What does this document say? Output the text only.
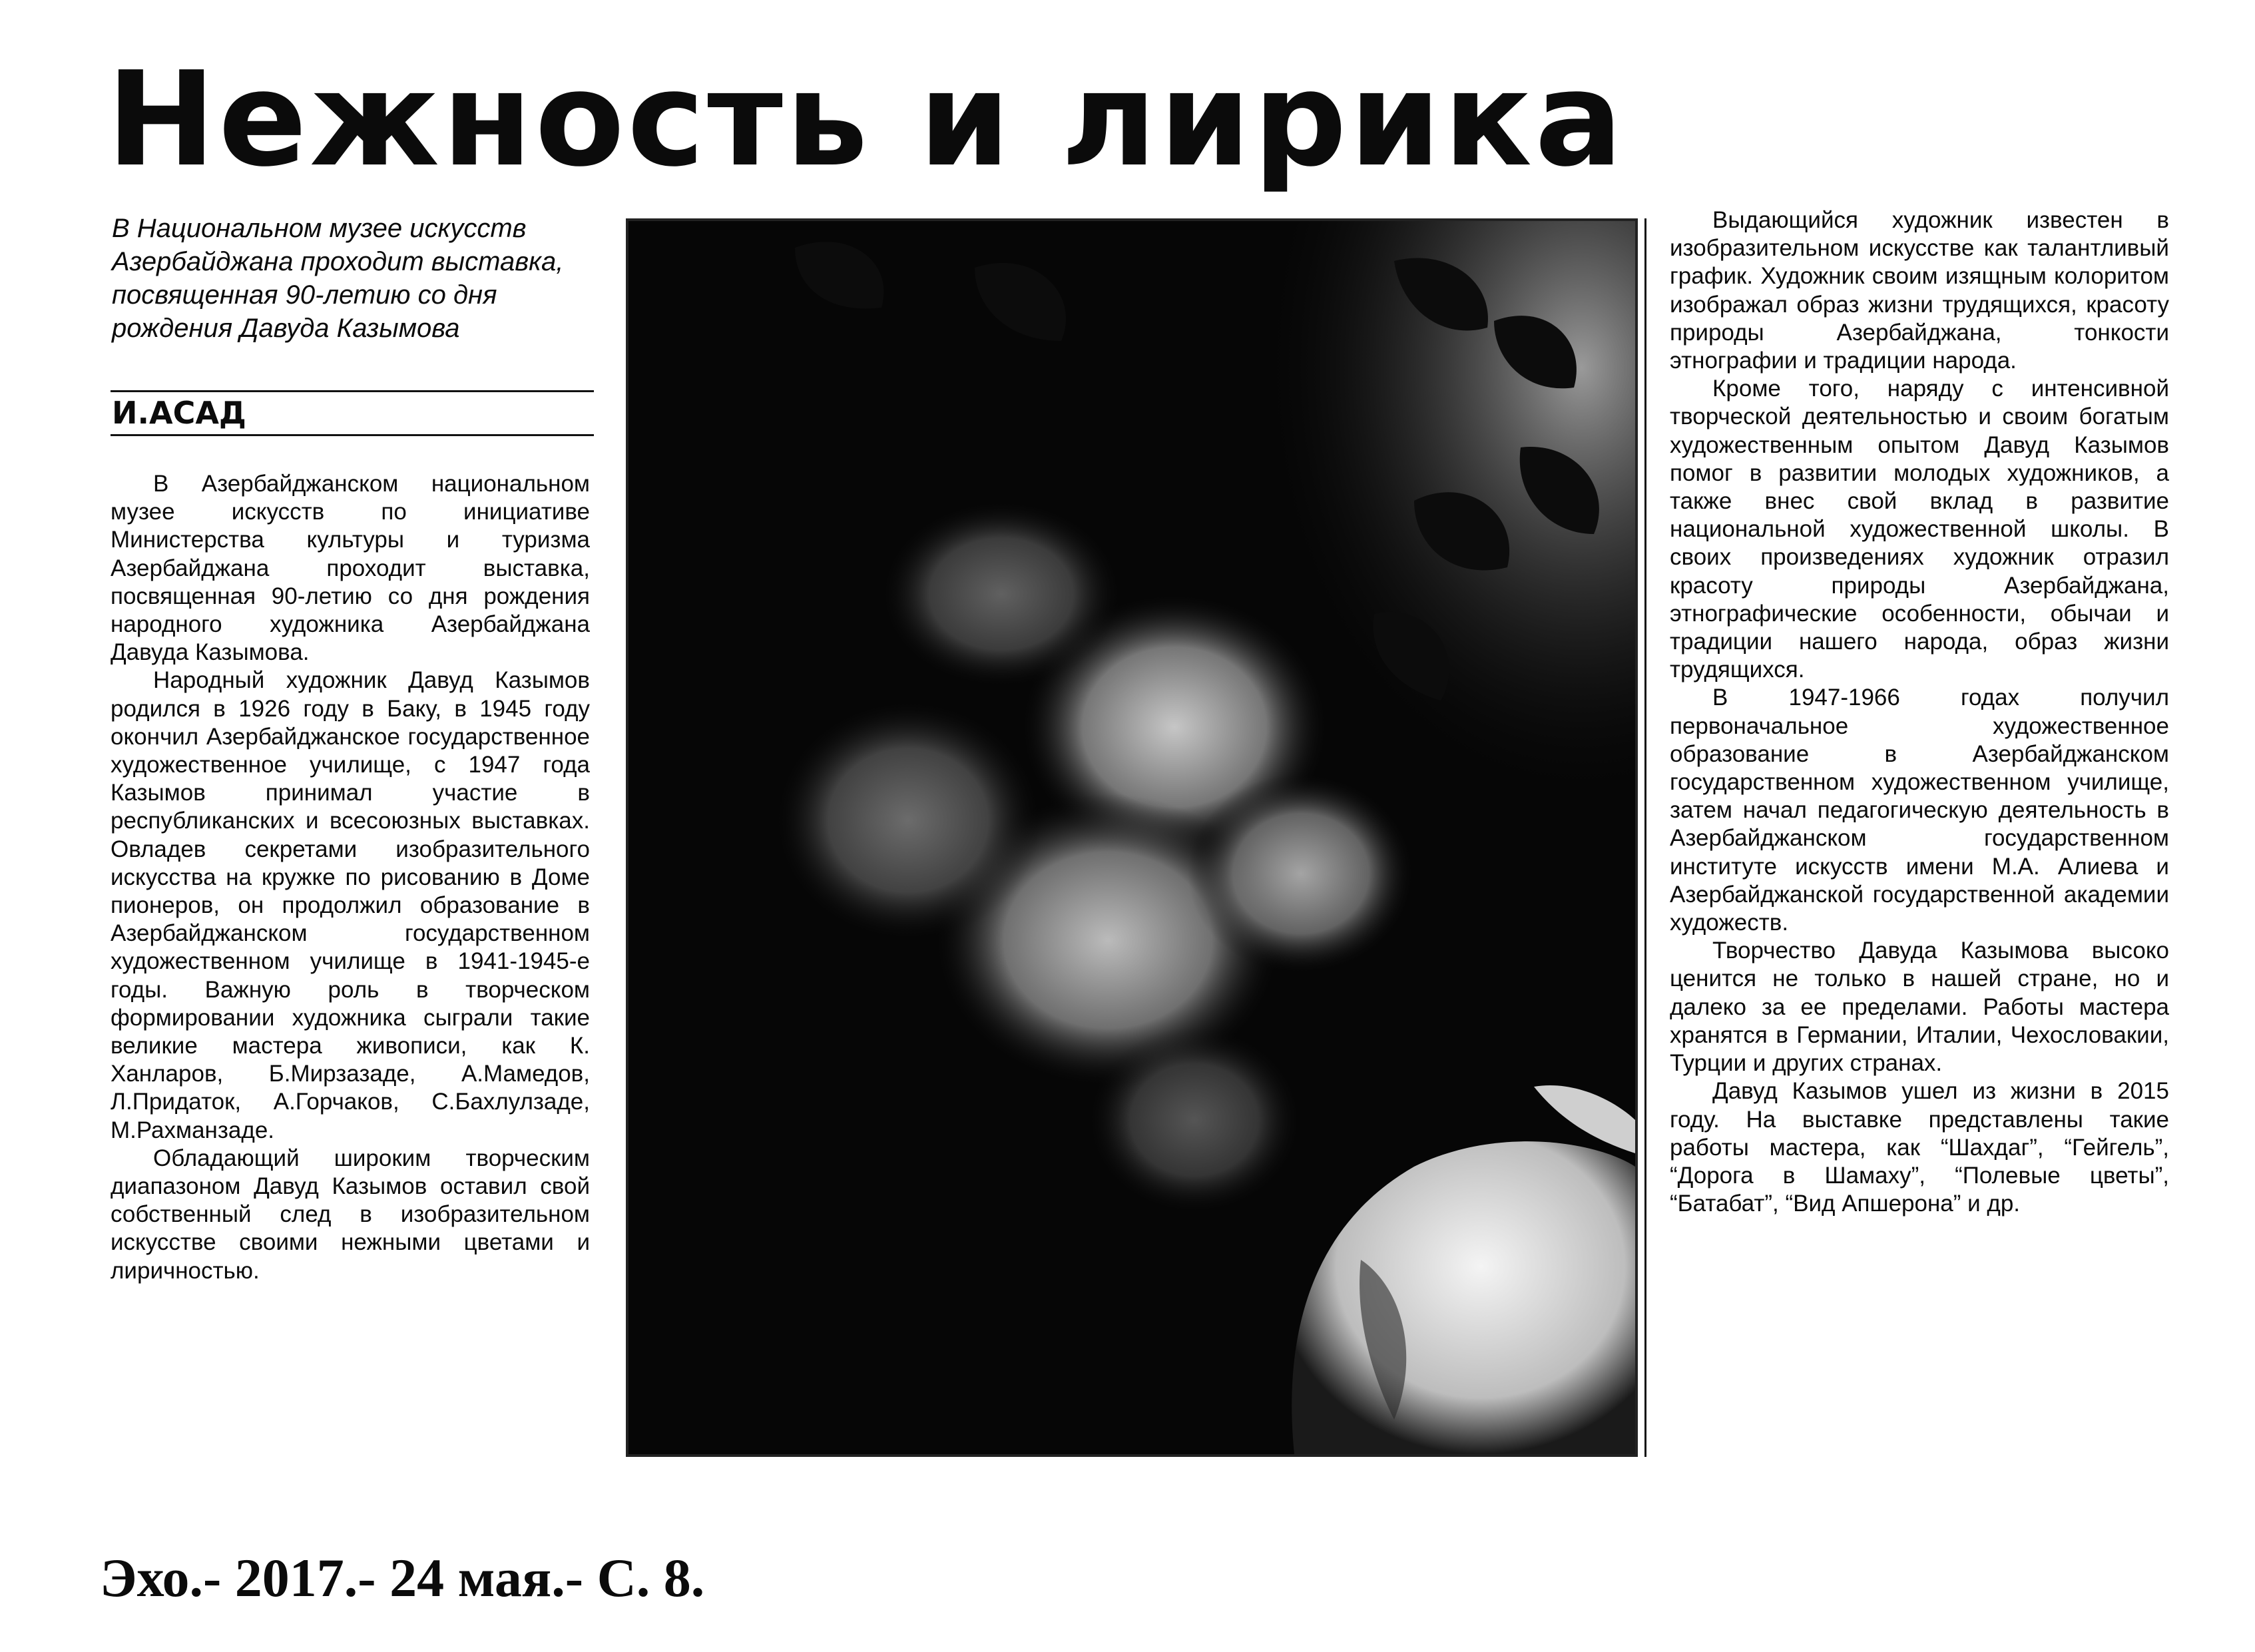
Нежность и лирика
В Национальном музее искусств Азербайджана проходит выставка, посвященная 90-летию со дня рождения Давуда Казымова
И.АСАД

В Азербайджанском национальном музее искусств по инициативе Министерства культуры и туризма Азербайджана проходит выставка, посвященная 90-летию со дня рождения народного художника Азербайджана Давуда Казымова.

Народный художник Давуд Казымов родился в 1926 году в Баку, в 1945 году окончил Азербайджанское государственное художественное училище, с 1947 года Казымов принимал участие в республиканских и всесоюзных выставках. Овладев секретами изобразительного искусства на кружке по рисованию в Доме пионеров, он продолжил образование в Азербайджанском государственном художественном училище в 1941-1945-е годы. Важную роль в творческом формировании художника сыграли такие великие мастера живописи, как К. Ханларов, Б.Мирзазаде, А.Мамедов, Л.Придаток, А.Горчаков, С.Бахлулзаде, М.Рахманзаде.

Обладающий широким творческим диапазоном Давуд Казымов оставил свой собственный след в изобразительном искусстве своими нежными цветами и лиричностью.

Выдающийся художник известен в изобразительном искусстве как талантливый график. Художник своим изящным колоритом изображал образ жизни трудящихся, красоту природы Азербайджана, тонкости этнографии и традиции народа.

Кроме того, наряду с интенсивной творческой деятельностью и своим богатым художественным опытом Давуд Казымов помог в развитии молодых художников, а также внес свой вклад в развитие национальной художественной школы. В своих произведениях художник отразил красоту природы Азербайджана, этнографические особенности, обычаи и традиции нашего народа, образ жизни трудящихся.

В 1947-1966 годах получил первоначальное художественное образование в Азербайджанском государственном художественном училище, затем начал педагогическую деятельность в Азербайджанском государственном институте искусств имени М.А. Алиева и Азербайджанской государственной академии художеств.

Творчество Давуда Казымова высоко ценится не только в нашей стране, но и далеко за ее пределами. Работы мастера хранятся в Германии, Италии, Чехословакии, Турции и других странах.

Давуд Казымов ушел из жизни в 2015 году. На выставке представлены такие работы мастера, как “Шахдаг”, “Гейгель”, “Дорога в Шамаху”, “Полевые цветы”, “Батабат”, “Вид Апшерона” и др.

Эхо.- 2017.- 24 мая.- С. 8.
